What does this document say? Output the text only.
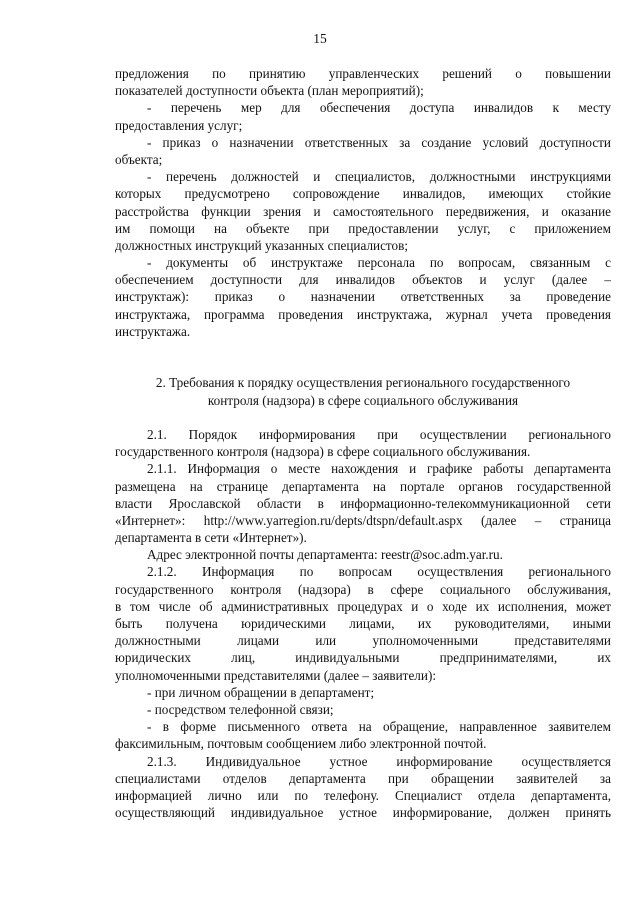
15
предложения по принятию управленческих решений о повышении
показателей доступности объекта (план мероприятий);
- перечень мер для обеспечения доступа инвалидов к месту
предоставления услуг;
- приказ о назначении ответственных за создание условий доступности
объекта;
- перечень должностей и специалистов, должностными инструкциями
которых предусмотрено сопровождение инвалидов, имеющих стойкие
расстройства функции зрения и самостоятельного передвижения, и оказание
им помощи на объекте при предоставлении услуг, с приложением
должностных инструкций указанных специалистов;
- документы об инструктаже персонала по вопросам, связанным с
обеспечением доступности для инвалидов объектов и услуг (далее –
инструктаж): приказ о назначении ответственных за проведение
инструктажа, программа проведения инструктажа, журнал учета проведения
инструктажа.
2. Требования к порядку осуществления регионального государственного
контроля (надзора) в сфере социального обслуживания
2.1. Порядок информирования при осуществлении регионального
государственного контроля (надзора) в сфере социального обслуживания.
2.1.1. Информация о месте нахождения и графике работы департамента
размещена на странице департамента на портале органов государственной
власти Ярославской области в информационно-телекоммуникационной сети
«Интернет»: http://www.yarregion.ru/depts/dtspn/default.aspx (далее – страница
департамента в сети «Интернет»).
Адрес электронной почты департамента: reestr@soc.adm.yar.ru.
2.1.2. Информация по вопросам осуществления регионального
государственного контроля (надзора) в сфере социального обслуживания,
в том числе об административных процедурах и о ходе их исполнения, может
быть получена юридическими лицами, их руководителями, иными
должностными лицами или уполномоченными представителями
юридических лиц, индивидуальными предпринимателями, их
уполномоченными представителями (далее – заявители):
- при личном обращении в департамент;
- посредством телефонной связи;
- в форме письменного ответа на обращение, направленное заявителем
факсимильным, почтовым сообщением либо электронной почтой.
2.1.3. Индивидуальное устное информирование осуществляется
специалистами отделов департамента при обращении заявителей за
информацией лично или по телефону. Специалист отдела департамента,
осуществляющий индивидуальное устное информирование, должен принять
